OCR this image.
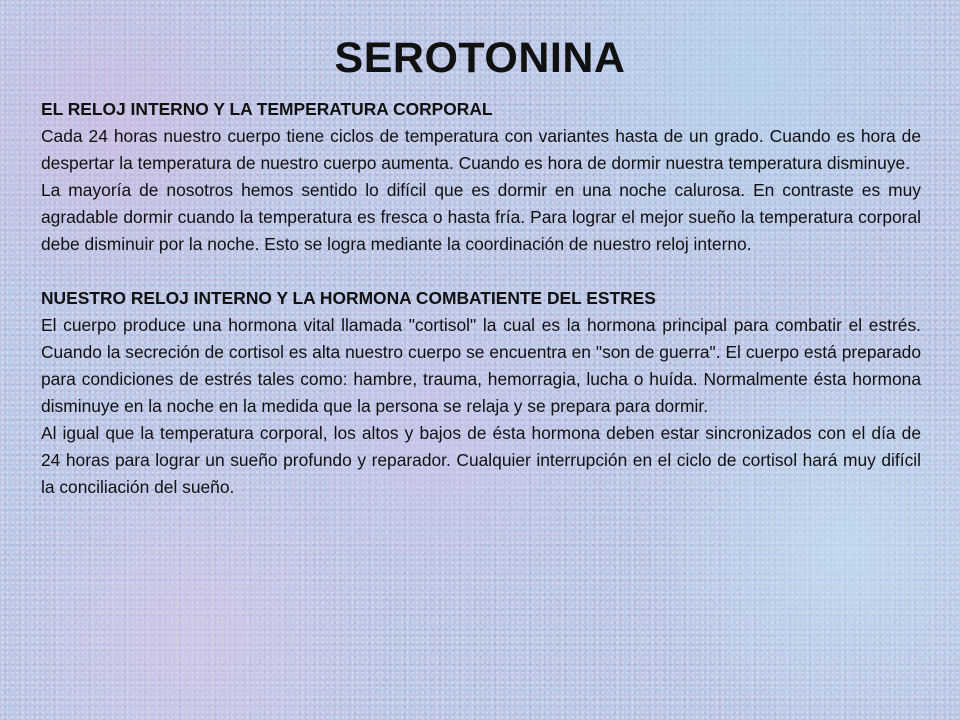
SEROTONINA

EL RELOJ INTERNO Y LA TEMPERATURA CORPORAL

Cada 24 horas nuestro cuerpo tiene ciclos de temperatura con variantes hasta de un grado. Cuando es hora de despertar la temperatura de nuestro cuerpo aumenta. Cuando es hora de dormir nuestra temperatura disminuye.

La mayoría de nosotros hemos sentido lo difícil que es dormir en una noche calurosa. En contraste es muy agradable dormir cuando la temperatura es fresca o hasta fría. Para lograr el mejor sueño la temperatura corporal debe disminuir por la noche. Esto se logra mediante la coordinación de nuestro reloj interno.

NUESTRO RELOJ INTERNO Y LA HORMONA COMBATIENTE DEL ESTRES

El cuerpo produce una hormona vital llamada "cortisol" la cual es la hormona principal para combatir el estrés. Cuando la secreción de cortisol es alta nuestro cuerpo se encuentra en "son de guerra". El cuerpo está preparado para condiciones de estrés tales como: hambre, trauma, hemorragia, lucha o huída. Normalmente ésta hormona disminuye en la noche en la medida que la persona se relaja y se prepara para dormir.

Al igual que la temperatura corporal, los altos y bajos de ésta hormona deben estar sincronizados con el día de 24 horas para lograr un sueño profundo y reparador. Cualquier interrupción en el ciclo de cortisol hará muy difícil la conciliación del sueño.
